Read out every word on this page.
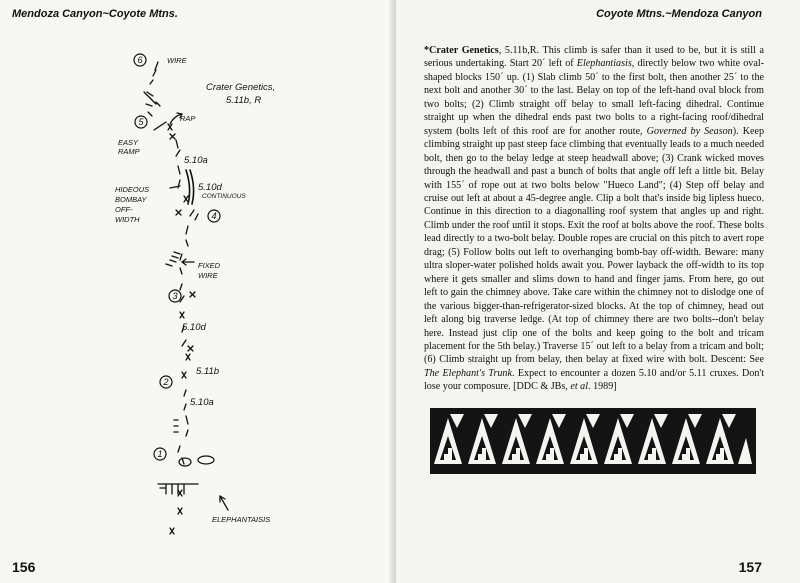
Mendoza Canyon~Coyote Mtns.

6
5
4
3
2
1
5.10a
5.10d
5.10d
5.11b
5.10a
WIRE
RAP
EASY
RAMP
HIDEOUS
BOMBAY
OFF-
WIDTH
CONTINUOUS
FIXED
WIRE
ELEPHANTAISIS
Crater Genetics,
5.11b, R
156

Coyote Mtns.~Mendoza Canyon

*Crater Genetics, 5.11b,R. This climb is safer than it used to be, but it is still a serious undertaking. Start 20´ left of Elephantiasis, directly below two white oval-shaped blocks 150´ up. (1) Slab climb 50´ to the first bolt, then another 25´ to the next bolt and another 30´ to the last. Belay on top of the left-hand oval block from two bolts; (2) Climb straight off belay to small left-facing dihedral. Continue straight up when the dihedral ends past two bolts to a right-facing roof/dihedral system (bolts left of this roof are for another route, Governed by Season). Keep climbing straight up past steep face climbing that eventually leads to a much needed bolt, then go to the belay ledge at steep headwall above; (3) Crank wicked moves through the headwall and past a bunch of bolts that angle off left a little bit. Belay with 155´ of rope out at two bolts below "Hueco Land"; (4) Step off belay and cruise out left at about a 45-degree angle. Clip a bolt that's inside big lipless hueco. Continue in this direction to a diagonalling roof system that angles up and right. Climb under the roof until it stops. Exit the roof at bolts above the roof. These bolts lead directly to a two-bolt belay. Double ropes are crucial on this pitch to avert rope drag; (5) Follow bolts out left to overhanging bomb-bay off-width. Beware: many ultra sloper-water polished holds await you. Power layback the off-width to its top where it gets smaller and slims down to hand and finger jams. From here, go out left to gain the chimney above. Take care within the chimney not to dislodge one of the various bigger-than-refrigerator-sized blocks. At the top of chimney, head out left along big traverse ledge. (At top of chimney there are two bolts--don't belay here. Instead just clip one of the bolts and keep going to the bolt and tricam placement for the 5th belay.) Traverse 15´ out left to a belay from a tricam and bolt; (6) Climb straight up from belay, then belay at fixed wire with bolt. Descent: See The Elephant's Trunk. Expect to encounter a dozen 5.10 and/or 5.11 cruxes. Don't lose your composure. [DDC & JBs, et al. 1989]

157
